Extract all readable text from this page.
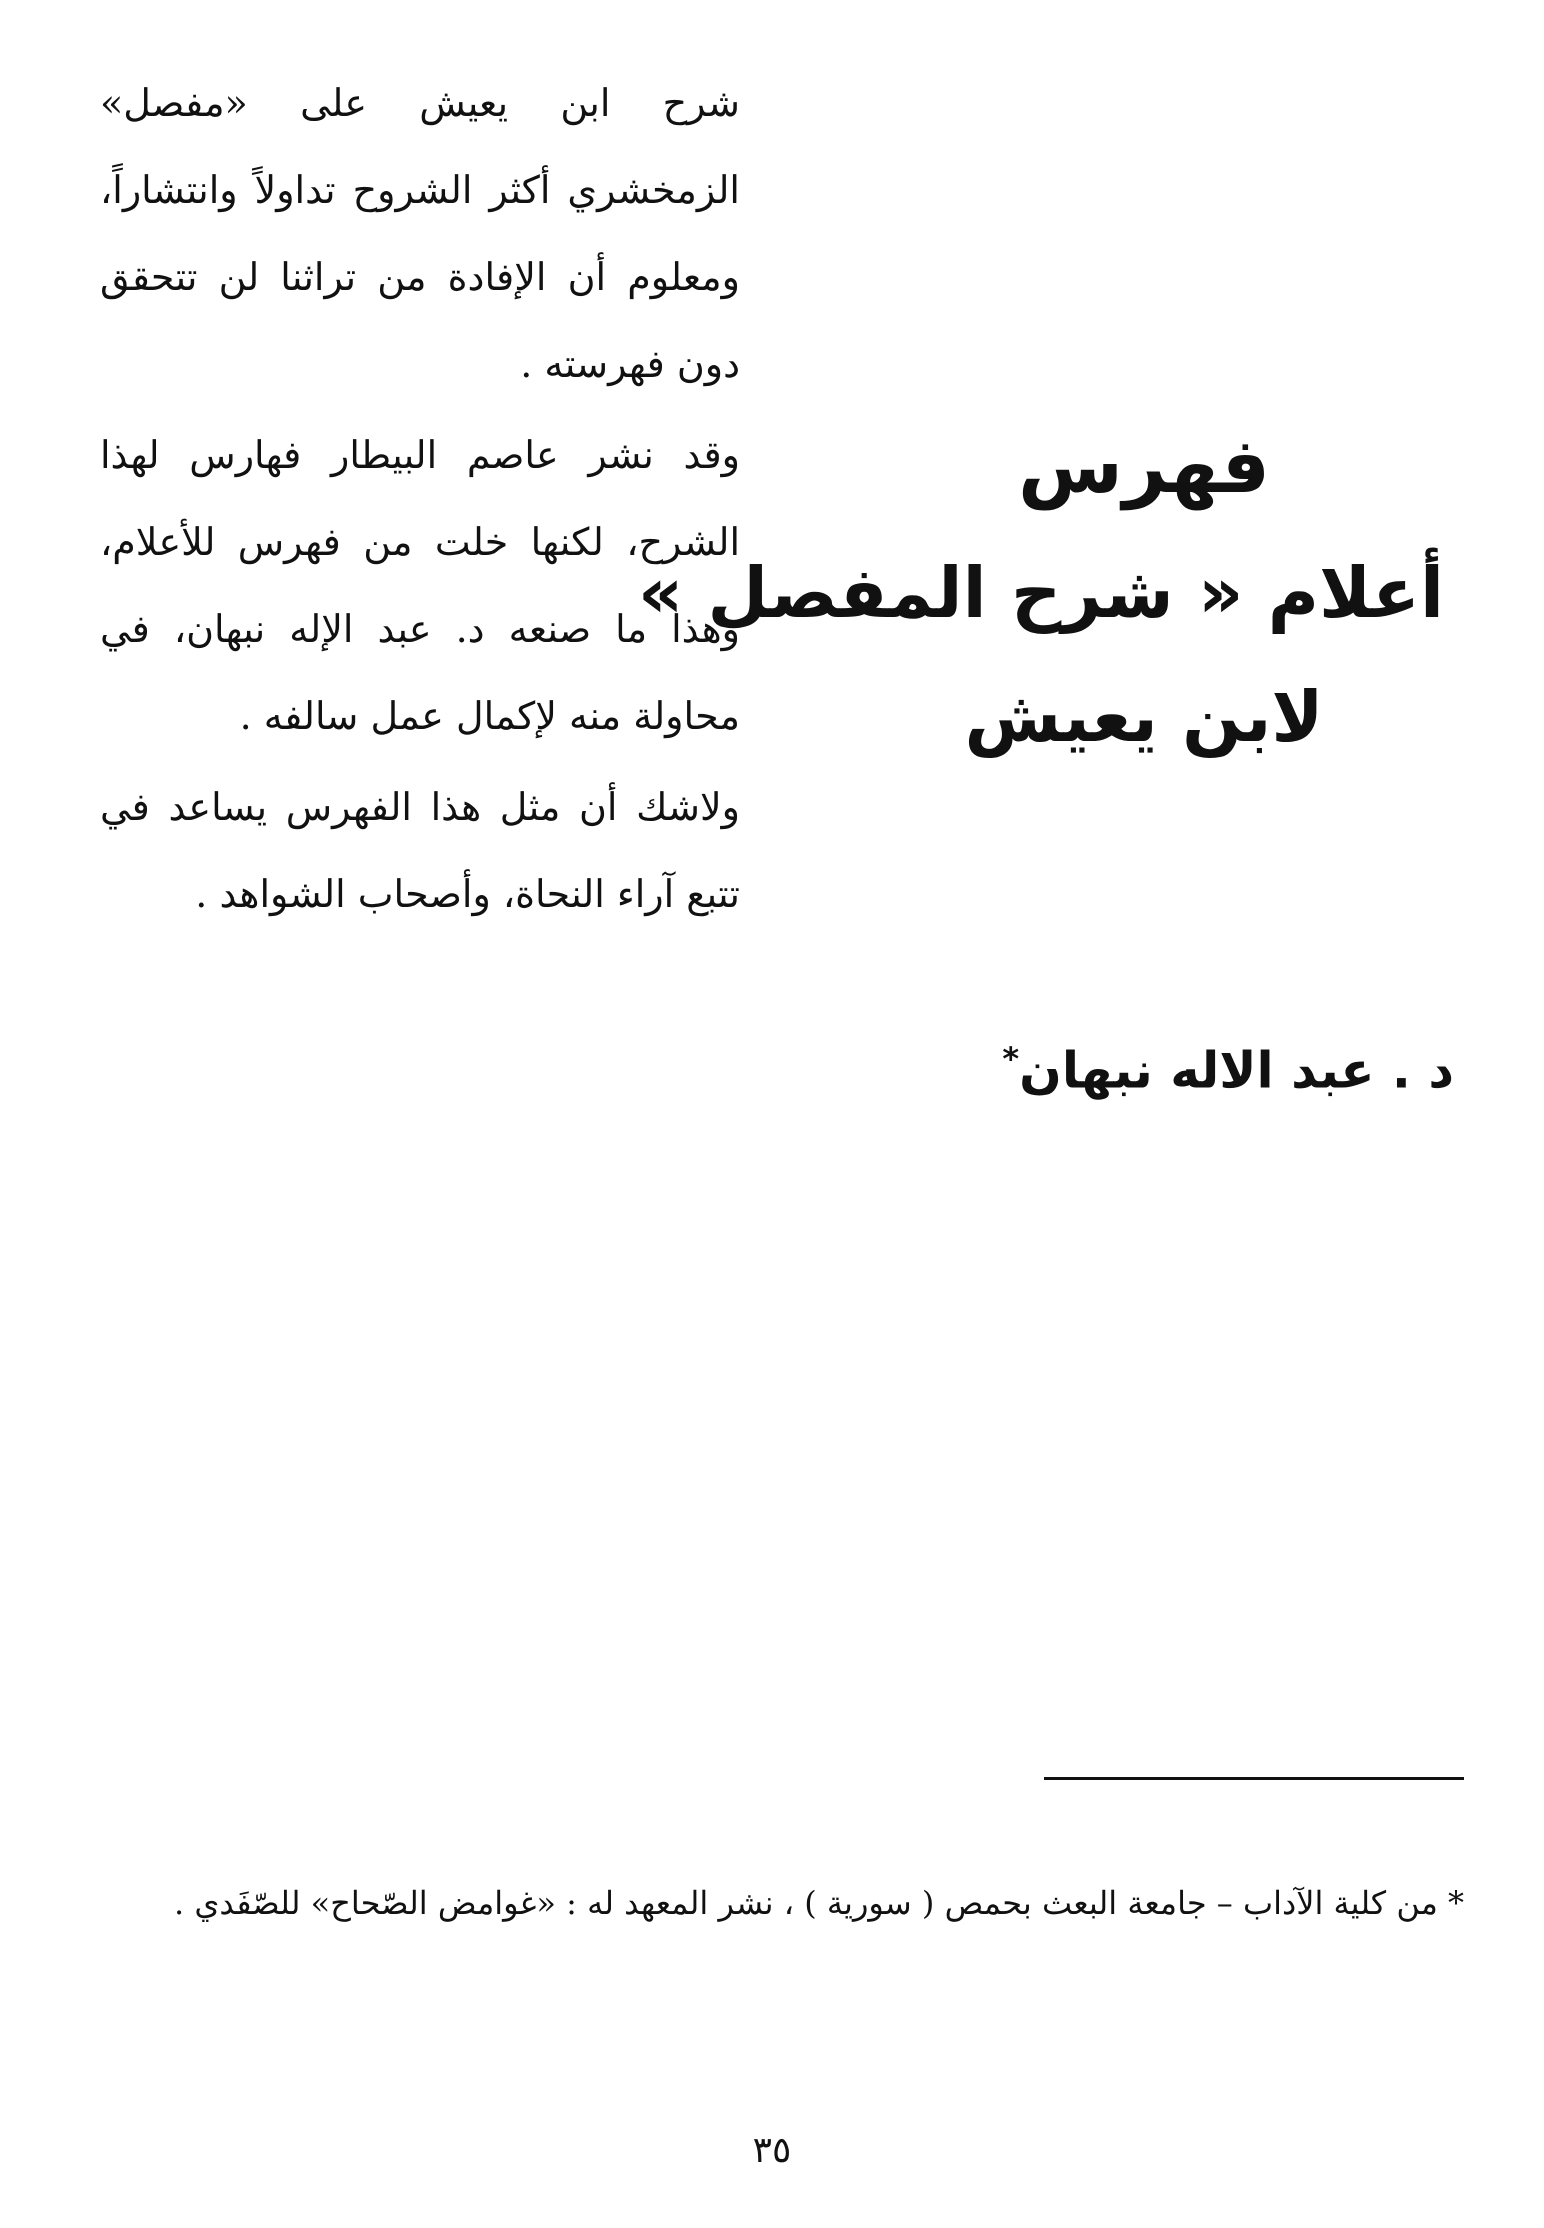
فهرس
أعلام « شرح المفصل »
لابن يعيش
د . عبد الاله نبهان*

شرح ابن يعيش على «مفصل» الزمخشري أكثر الشروح تداولاً وانتشاراً، ومعلوم أن الإفادة من تراثنا لن تتحقق دون فهرسته .

وقد نشر عاصم البيطار فهارس لهذا الشرح، لكنها خلت من فهرس للأعلام، وهذا ما صنعه د. عبد الإله نبهان، في محاولة منه لإكمال عمل سالفه .

ولاشك أن مثل هذا الفهرس يساعد في تتبع آراء النحاة، وأصحاب الشواهد .

* من كلية الآداب – جامعة البعث بحمص ( سورية ) ، نشر المعهد له : «غوامض الصّحاح» للصّفَدي .
٣٥
